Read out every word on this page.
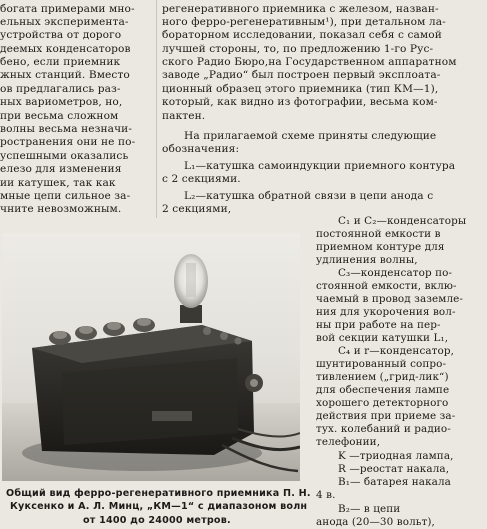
богата примерами мно-
ельных эксперимента-
устройства от дорого
деемых конденсаторов
бено, если приемник
жных станций. Вместо
ов предлагались раз-
ных вариометров, но,
при весьма сложном
волны весьма незначи-
ространения они не по-
успешными оказались
елезо для изменения
ии катушек, так как
мные цепи сильное за-
чните невозможным.
регенеративного приемника с железом, назван-
ного ферро-регенеративным¹), при детальном ла-
бораторном исследовании, показал себя с самой
лучшей стороны, то, по предложению 1-го Рус-
ского Радио Бюро,на Государственном аппаратном
заводе „Радио“ был построен первый эксплоата-
ционный образец этого приемника (тип КМ—1),
который, как видно из фотографии, весьма ком-
пактен.
На прилагаемой схеме приняты следующие
обозначения:
L₁—катушка самоиндукции приемного контура
с 2 секциями.
L₂—катушка обратной связи в цепи анода с
2 секциями,
C₁ и C₂—конденсаторы
постоянной емкости в
приемном контуре для
удлинения волны,
C₃—конденсатор по-
стоянной емкости, вклю-
чаемый в провод заземле-
ния для укорочения вол-
ны при работе на пер-
вой секции катушки L₁,
C₄ и r—конденсатор,
шунтированный сопро-
тивлением („грид-лик“)
для обеспечения лампе
хорошего детекторного
действия при приеме за-
тух. колебаний и радио-
телефонии,
K —триодная лампа,
R —реостат накала,
B₁— батарея накала
4 в.
B₂— в цепи
анода (20—30 вольт),
Общий вид ферро-регенеративного приемника П. Н.
Куксенко и А. Л. Минц, „КМ—1“ с диапазоном волн
от 1400 до 24000 метров.
